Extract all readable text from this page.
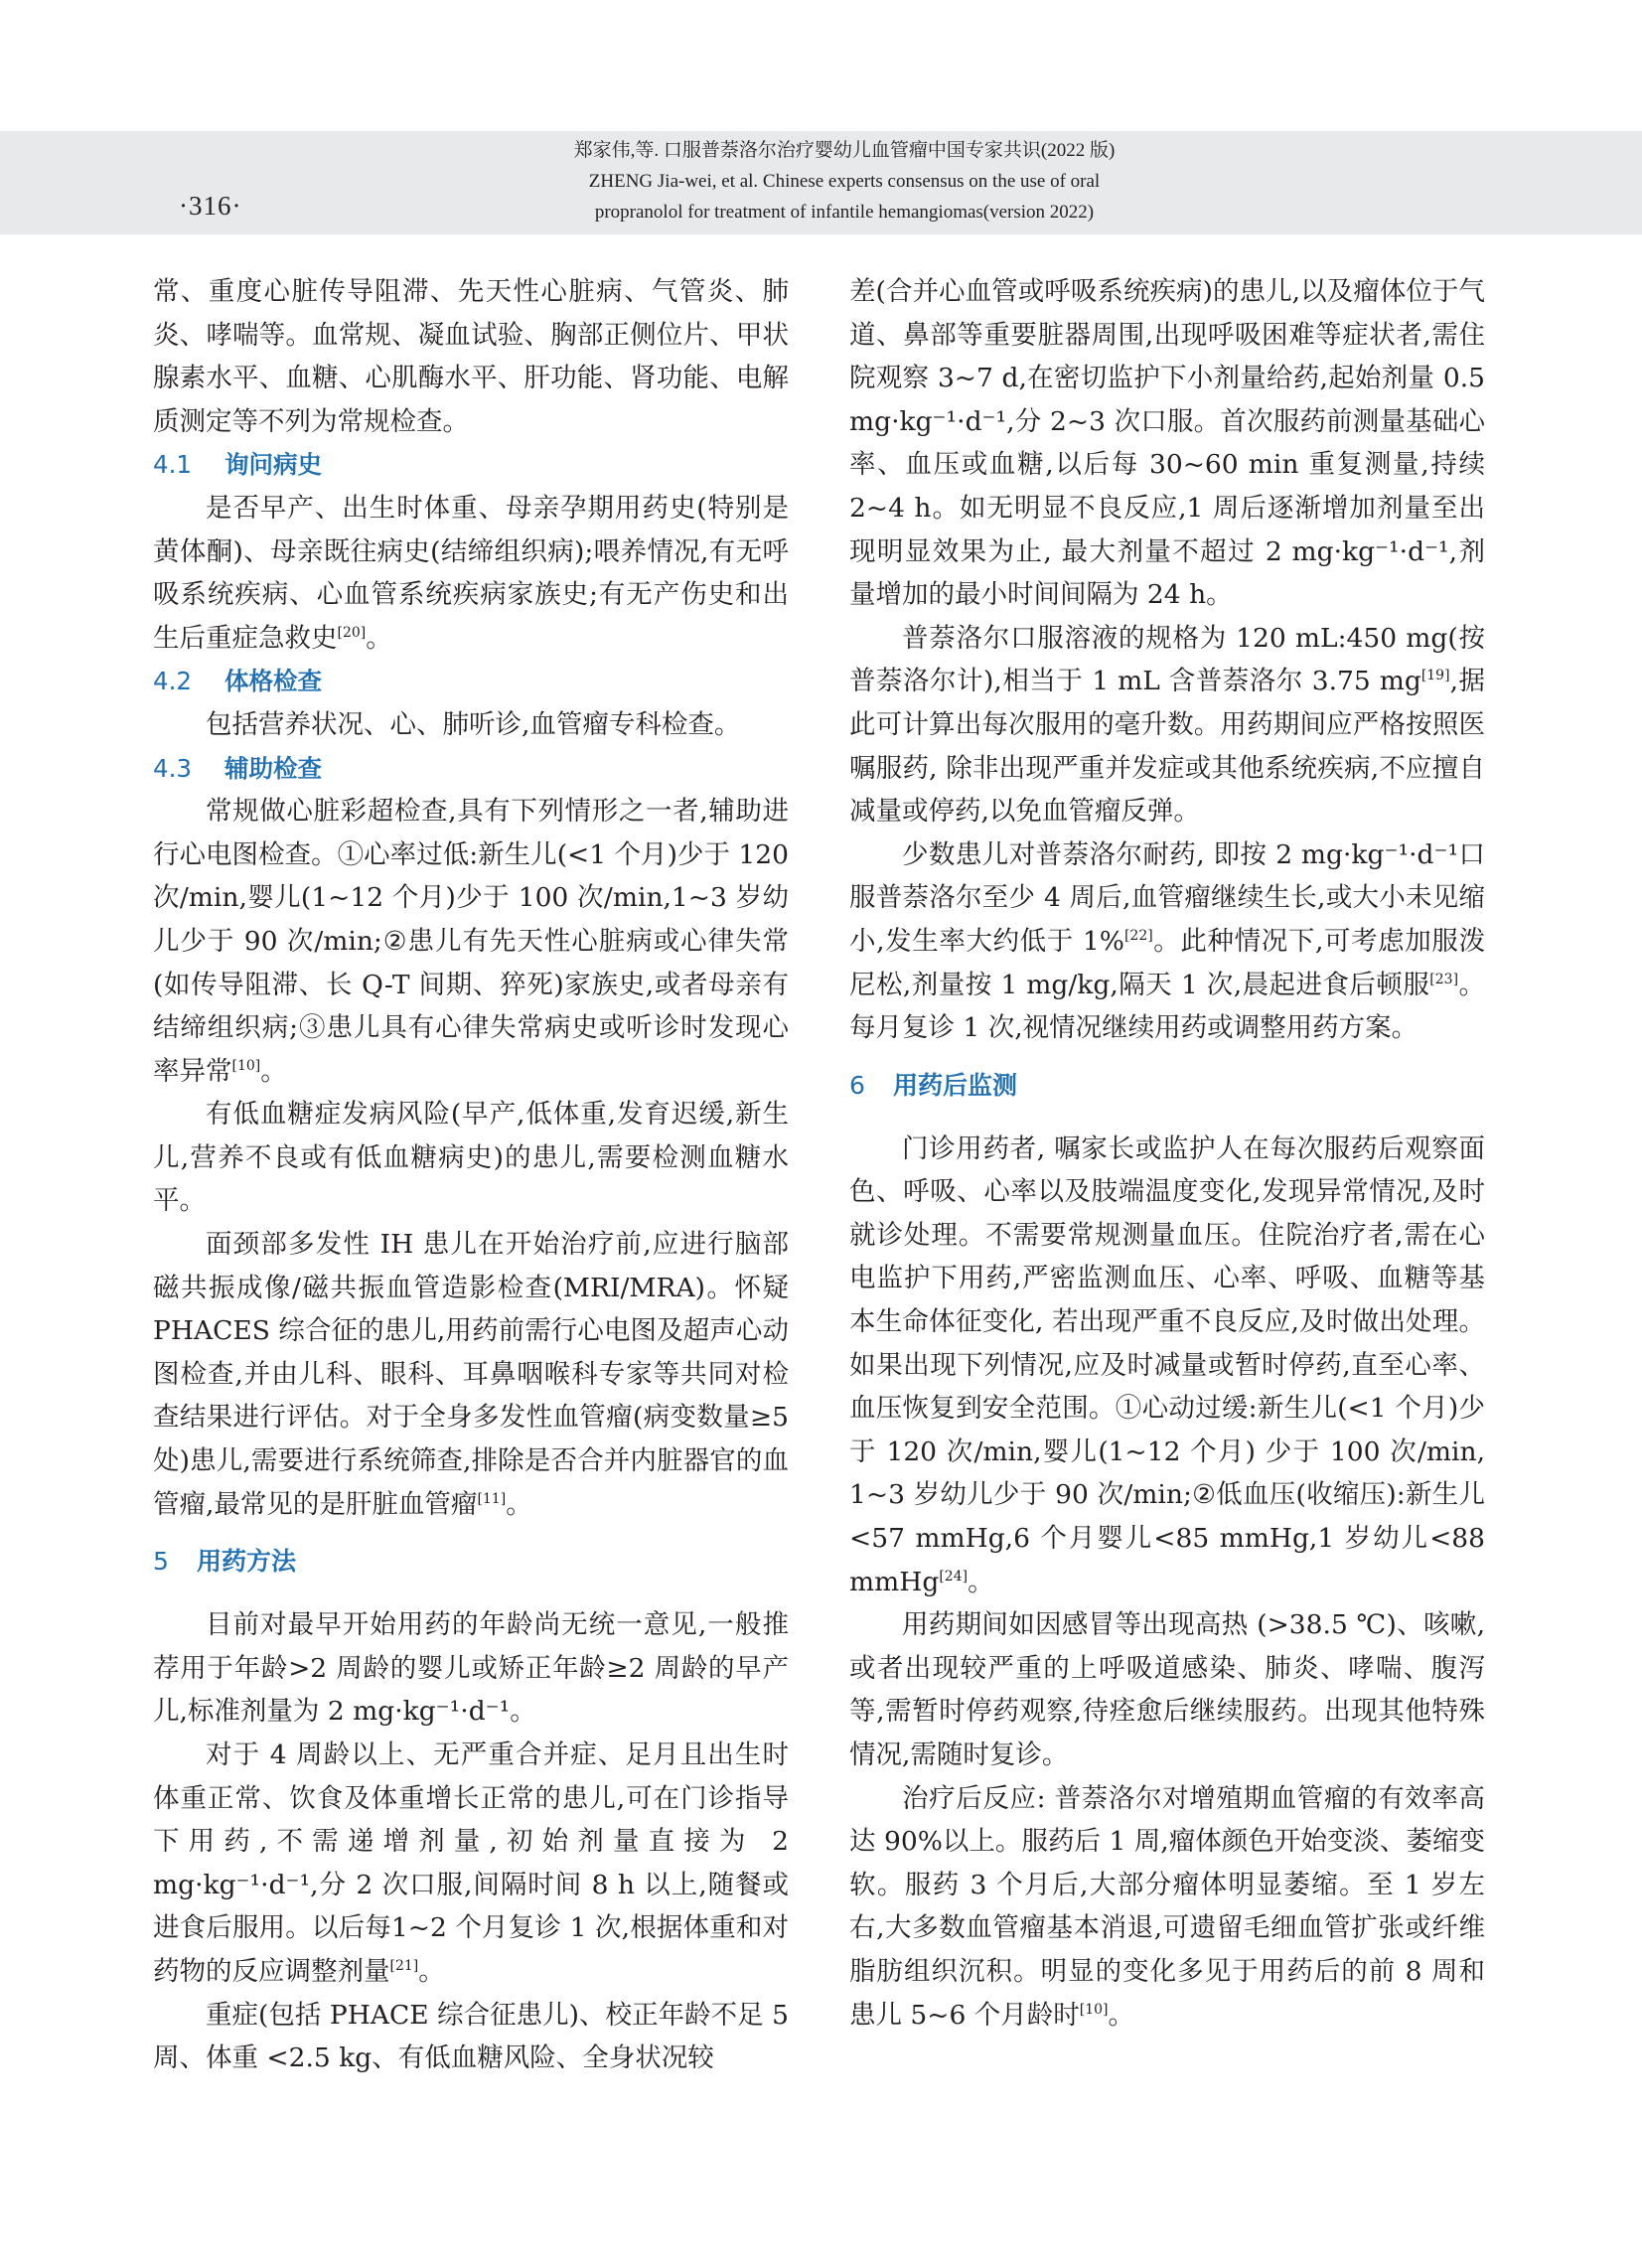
·316·
郑家伟,等. 口服普萘洛尔治疗婴幼儿血管瘤中国专家共识(2022 版)
ZHENG Jia-wei, et al. Chinese experts consensus on the use of oral
propranolol for treatment of infantile hemangiomas(version 2022)

常、重度心脏传导阻滞、先天性心脏病、气管炎、肺炎、哮喘等。血常规、凝血试验、胸部正侧位片、甲状腺素水平、血糖、心肌酶水平、肝功能、肾功能、电解质测定等不列为常规检查。

4.1 询问病史

是否早产、出生时体重、母亲孕期用药史(特别是黄体酮)、母亲既往病史(结缔组织病);喂养情况,有无呼吸系统疾病、心血管系统疾病家族史;有无产伤史和出生后重症急救史[20]。

4.2 体格检查

包括营养状况、心、肺听诊,血管瘤专科检查。

4.3 辅助检查

常规做心脏彩超检查,具有下列情形之一者,辅助进行心电图检查。①心率过低:新生儿(<1 个月)少于 120 次/min,婴儿(1~12 个月)少于 100 次/min,1~3 岁幼儿少于 90 次/min;②患儿有先天性心脏病或心律失常(如传导阻滞、长 Q-T 间期、猝死)家族史,或者母亲有结缔组织病;③患儿具有心律失常病史或听诊时发现心率异常[10]。

有低血糖症发病风险(早产,低体重,发育迟缓,新生儿,营养不良或有低血糖病史)的患儿,需要检测血糖水平。

面颈部多发性 IH 患儿在开始治疗前,应进行脑部磁共振成像/磁共振血管造影检查(MRI/MRA)。怀疑 PHACES 综合征的患儿,用药前需行心电图及超声心动图检查,并由儿科、眼科、耳鼻咽喉科专家等共同对检查结果进行评估。对于全身多发性血管瘤(病变数量≥5 处)患儿,需要进行系统筛查,排除是否合并内脏器官的血管瘤,最常见的是肝脏血管瘤[11]。

5 用药方法

目前对最早开始用药的年龄尚无统一意见,一般推荐用于年龄>2 周龄的婴儿或矫正年龄≥2 周龄的早产儿,标准剂量为 2 mg·kg⁻¹·d⁻¹。

对于 4 周龄以上、无严重合并症、足月且出生时体重正常、饮食及体重增长正常的患儿,可在门诊指导下用药,不需递增剂量,初始剂量直接为 2 mg·kg⁻¹·d⁻¹,分 2 次口服,间隔时间 8 h 以上,随餐或进食后服用。以后每1~2 个月复诊 1 次,根据体重和对药物的反应调整剂量[21]。

重症(包括 PHACE 综合征患儿)、校正年龄不足 5 周、体重 <2.5 kg、有低血糖风险、全身状况较

差(合并心血管或呼吸系统疾病)的患儿,以及瘤体位于气道、鼻部等重要脏器周围,出现呼吸困难等症状者,需住院观察 3~7 d,在密切监护下小剂量给药,起始剂量 0.5 mg·kg⁻¹·d⁻¹,分 2~3 次口服。首次服药前测量基础心率、血压或血糖,以后每 30~60 min 重复测量,持续 2~4 h。如无明显不良反应,1 周后逐渐增加剂量至出现明显效果为止, 最大剂量不超过 2 mg·kg⁻¹·d⁻¹,剂量增加的最小时间间隔为 24 h。

普萘洛尔口服溶液的规格为 120 mL:450 mg(按普萘洛尔计),相当于 1 mL 含普萘洛尔 3.75 mg[19],据此可计算出每次服用的毫升数。用药期间应严格按照医嘱服药, 除非出现严重并发症或其他系统疾病,不应擅自减量或停药,以免血管瘤反弹。

少数患儿对普萘洛尔耐药, 即按 2 mg·kg⁻¹·d⁻¹口服普萘洛尔至少 4 周后,血管瘤继续生长,或大小未见缩小,发生率大约低于 1%[22]。此种情况下,可考虑加服泼尼松,剂量按 1 mg/kg,隔天 1 次,晨起进食后顿服[23]。每月复诊 1 次,视情况继续用药或调整用药方案。

6 用药后监测

门诊用药者, 嘱家长或监护人在每次服药后观察面色、呼吸、心率以及肢端温度变化,发现异常情况,及时就诊处理。不需要常规测量血压。住院治疗者,需在心电监护下用药,严密监测血压、心率、呼吸、血糖等基本生命体征变化, 若出现严重不良反应,及时做出处理。如果出现下列情况,应及时减量或暂时停药,直至心率、血压恢复到安全范围。①心动过缓:新生儿(<1 个月)少于 120 次/min,婴儿(1~12 个月) 少于 100 次/min, 1~3 岁幼儿少于 90 次/min;②低血压(收缩压):新生儿<57 mmHg,6 个月婴儿<85 mmHg,1 岁幼儿<88 mmHg[24]。

用药期间如因感冒等出现高热 (>38.5 ℃)、咳嗽,或者出现较严重的上呼吸道感染、肺炎、哮喘、腹泻等,需暂时停药观察,待痊愈后继续服药。出现其他特殊情况,需随时复诊。

治疗后反应: 普萘洛尔对增殖期血管瘤的有效率高达 90%以上。服药后 1 周,瘤体颜色开始变淡、萎缩变软。服药 3 个月后,大部分瘤体明显萎缩。至 1 岁左右,大多数血管瘤基本消退,可遗留毛细血管扩张或纤维脂肪组织沉积。明显的变化多见于用药后的前 8 周和患儿 5~6 个月龄时[10]。
